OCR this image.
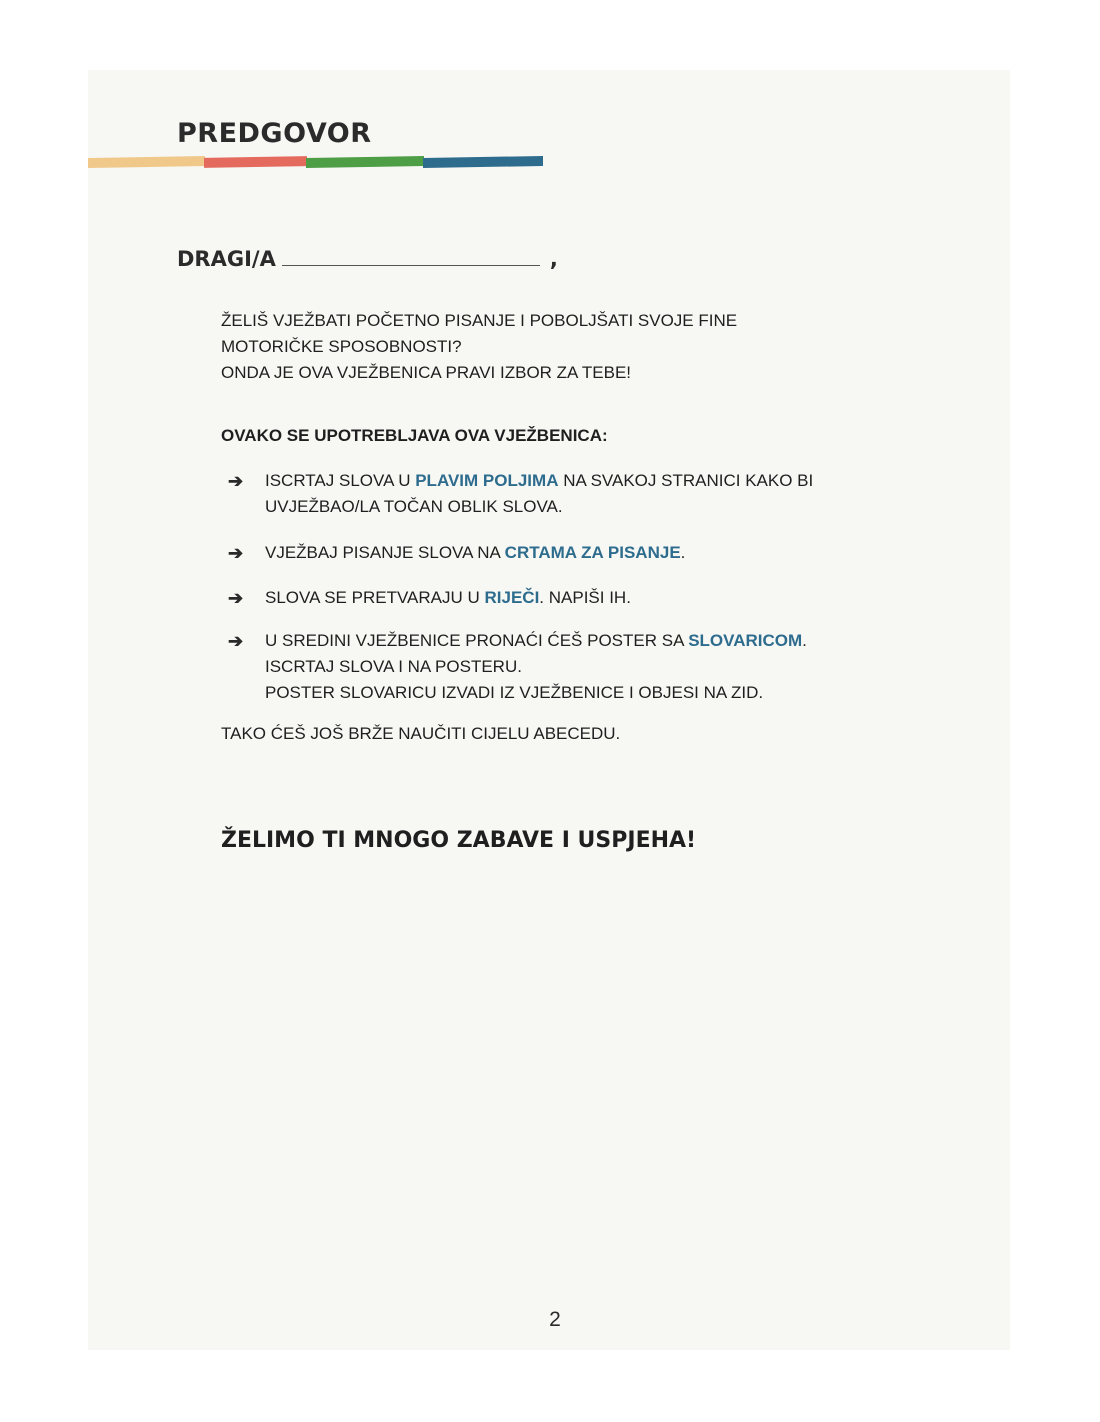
PREDGOVOR
DRAGI/A	,
ŽELIŠ VJEŽBATI POČETNO PISANJE I POBOLJŠATI SVOJE FINE
MOTORIČKE SPOSOBNOSTI?
ONDA JE OVA VJEŽBENICA PRAVI IZBOR ZA TEBE!
OVAKO SE UPOTREBLJAVA OVA VJEŽBENICA:
➔	ISCRTAJ SLOVA U PLAVIM POLJIMA NA SVAKOJ STRANICI KAKO BI
UVJEŽBAO/LA TOČAN OBLIK SLOVA.
➔	VJEŽBAJ PISANJE SLOVA NA CRTAMA ZA PISANJE.
➔	SLOVA SE PRETVARAJU U RIJEČI. NAPIŠI IH.
➔	U SREDINI VJEŽBENICE PRONAĆI ĆEŠ POSTER SA SLOVARICOM.
ISCRTAJ SLOVA I NA POSTERU.
POSTER SLOVARICU IZVADI IZ VJEŽBENICE I OBJESI NA ZID.
TAKO ĆEŠ JOŠ BRŽE NAUČITI CIJELU ABECEDU.
ŽELIMO TI MNOGO ZABAVE I USPJEHA!
2
